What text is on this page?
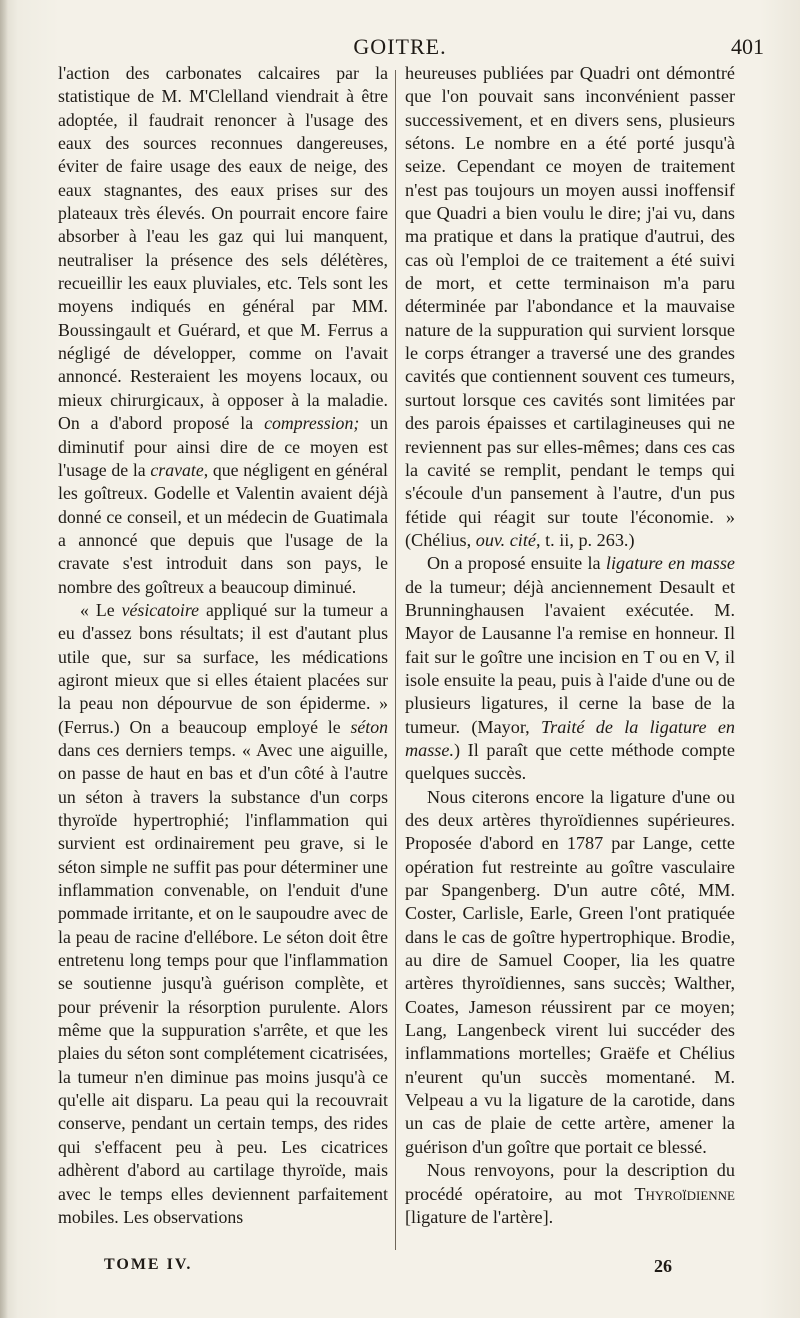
GOITRE.	401

l'action des carbonates calcaires par la statistique de M. M'Clelland viendrait à être adoptée, il faudrait renoncer à l'usage des eaux des sources reconnues dangereuses, éviter de faire usage des eaux de neige, des eaux stagnantes, des eaux prises sur des plateaux très élevés. On pourrait encore faire absorber à l'eau les gaz qui lui manquent, neutraliser la présence des sels délétères, recueillir les eaux pluviales, etc. Tels sont les moyens indiqués en général par MM. Boussingault et Guérard, et que M. Ferrus a négligé de développer, comme on l'avait annoncé. Resteraient les moyens locaux, ou mieux chirurgicaux, à opposer à la maladie. On a d'abord proposé la compression; un diminutif pour ainsi dire de ce moyen est l'usage de la cravate, que négligent en général les goîtreux. Godelle et Valentin avaient déjà donné ce conseil, et un médecin de Guatimala a annoncé que depuis que l'usage de la cravate s'est introduit dans son pays, le nombre des goîtreux a beaucoup diminué.

« Le vésicatoire appliqué sur la tumeur a eu d'assez bons résultats; il est d'autant plus utile que, sur sa surface, les médications agiront mieux que si elles étaient placées sur la peau non dépourvue de son épiderme. » (Ferrus.) On a beaucoup employé le séton dans ces derniers temps. « Avec une aiguille, on passe de haut en bas et d'un côté à l'autre un séton à travers la substance d'un corps thyroïde hypertrophié; l'inflammation qui survient est ordinairement peu grave, si le séton simple ne suffit pas pour déterminer une inflammation convenable, on l'enduit d'une pommade irritante, et on le saupoudre avec de la peau de racine d'ellébore. Le séton doit être entretenu long temps pour que l'inflammation se soutienne jusqu'à guérison complète, et pour prévenir la résorption purulente. Alors même que la suppuration s'arrête, et que les plaies du séton sont complétement cicatrisées, la tumeur n'en diminue pas moins jusqu'à ce qu'elle ait disparu. La peau qui la recouvrait conserve, pendant un certain temps, des rides qui s'effacent peu à peu. Les cicatrices adhèrent d'abord au cartilage thyroïde, mais avec le temps elles deviennent parfaitement mobiles. Les observations

heureuses publiées par Quadri ont démontré que l'on pouvait sans inconvénient passer successivement, et en divers sens, plusieurs sétons. Le nombre en a été porté jusqu'à seize. Cependant ce moyen de traitement n'est pas toujours un moyen aussi inoffensif que Quadri a bien voulu le dire; j'ai vu, dans ma pratique et dans la pratique d'autrui, des cas où l'emploi de ce traitement a été suivi de mort, et cette terminaison m'a paru déterminée par l'abondance et la mauvaise nature de la suppuration qui survient lorsque le corps étranger a traversé une des grandes cavités que contiennent souvent ces tumeurs, surtout lorsque ces cavités sont limitées par des parois épaisses et cartilagineuses qui ne reviennent pas sur elles-mêmes; dans ces cas la cavité se remplit, pendant le temps qui s'écoule d'un pansement à l'autre, d'un pus fétide qui réagit sur toute l'économie. » (Chélius, ouv. cité, t. ii, p. 263.)

On a proposé ensuite la ligature en masse de la tumeur; déjà anciennement Desault et Brunninghausen l'avaient exécutée. M. Mayor de Lausanne l'a remise en honneur. Il fait sur le goître une incision en T ou en V, il isole ensuite la peau, puis à l'aide d'une ou de plusieurs ligatures, il cerne la base de la tumeur. (Mayor, Traité de la ligature en masse.) Il paraît que cette méthode compte quelques succès.

Nous citerons encore la ligature d'une ou des deux artères thyroïdiennes supérieures. Proposée d'abord en 1787 par Lange, cette opération fut restreinte au goître vasculaire par Spangenberg. D'un autre côté, MM. Coster, Carlisle, Earle, Green l'ont pratiquée dans le cas de goître hypertrophique. Brodie, au dire de Samuel Cooper, lia les quatre artères thyroïdiennes, sans succès; Walther, Coates, Jameson réussirent par ce moyen; Lang, Langenbeck virent lui succéder des inflammations mortelles; Graëfe et Chélius n'eurent qu'un succès momentané. M. Velpeau a vu la ligature de la carotide, dans un cas de plaie de cette artère, amener la guérison d'un goître que portait ce blessé.

Nous renvoyons, pour la description du procédé opératoire, au mot Thyroïdienne [ligature de l'artère].

TOME IV.	26
